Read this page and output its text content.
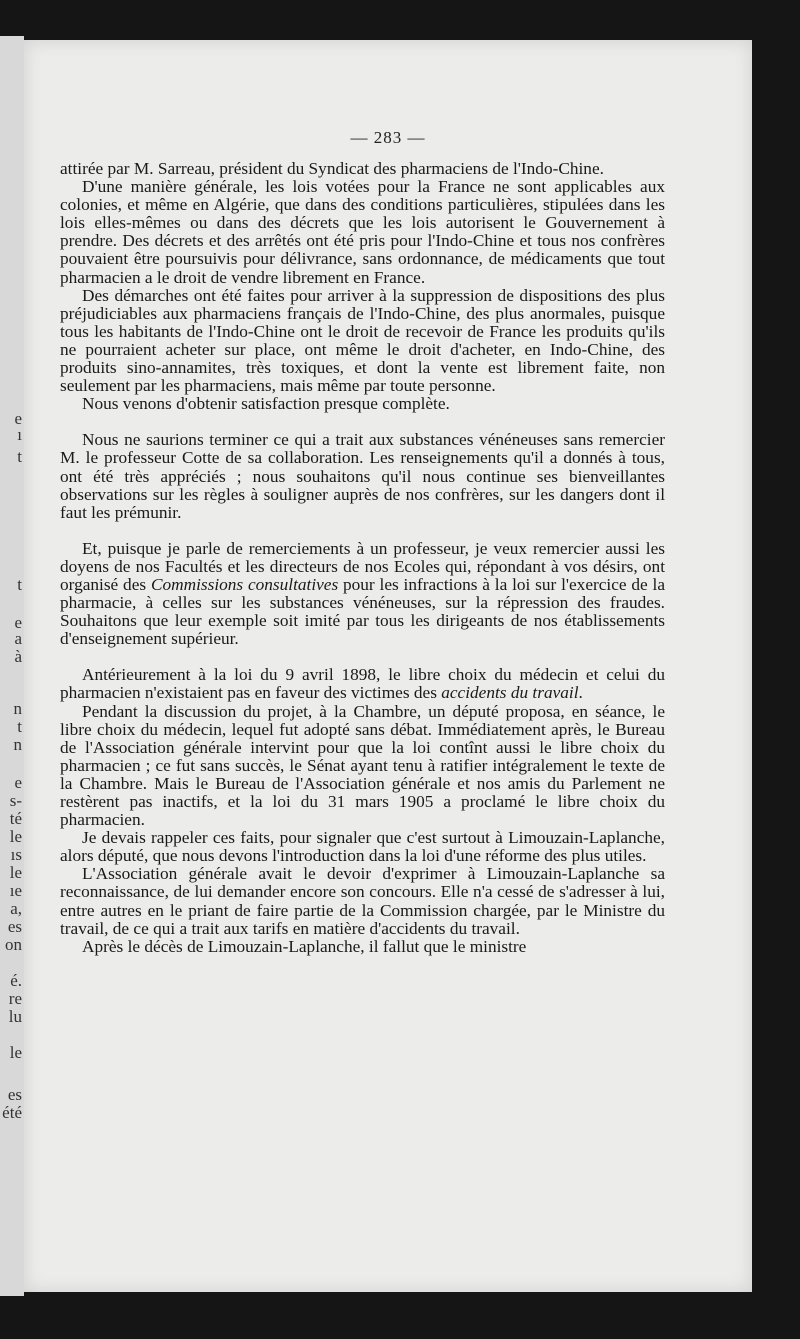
e
ı
t
t
e
a
à
n
t
n
e
s-
té
le
ıs
le
ıe
a,
es
on
é.
re
lu
le
es
été
— 283 —

attirée par M. Sarreau, président du Syndicat des pharmaciens de l'Indo-Chine.

D'une manière générale, les lois votées pour la France ne sont applicables aux colonies, et même en Algérie, que dans des conditions particulières, stipulées dans les lois elles-mêmes ou dans des décrets que les lois autorisent le Gouvernement à prendre. Des décrets et des arrêtés ont été pris pour l'Indo-Chine et tous nos confrères pouvaient être poursuivis pour délivrance, sans ordonnance, de médicaments que tout pharmacien a le droit de vendre librement en France.

Des démarches ont été faites pour arriver à la suppression de dispositions des plus préjudiciables aux pharmaciens français de l'Indo-Chine, des plus anormales, puisque tous les habitants de l'Indo-Chine ont le droit de recevoir de France les produits qu'ils ne pourraient acheter sur place, ont même le droit d'acheter, en Indo-Chine, des produits sino-annamites, très toxiques, et dont la vente est librement faite, non seulement par les pharmaciens, mais même par toute personne.

Nous venons d'obtenir satisfaction presque complète.

Nous ne saurions terminer ce qui a trait aux substances vénéneuses sans remercier M. le professeur Cotte de sa collaboration. Les renseignements qu'il a donnés à tous, ont été très appréciés ; nous souhaitons qu'il nous continue ses bienveillantes observations sur les règles à souligner auprès de nos confrères, sur les dangers dont il faut les prémunir.

Et, puisque je parle de remerciements à un professeur, je veux remercier aussi les doyens de nos Facultés et les directeurs de nos Ecoles qui, répondant à vos désirs, ont organisé des Commissions consultatives pour les infractions à la loi sur l'exercice de la pharmacie, à celles sur les substances vénéneuses, sur la répression des fraudes. Souhaitons que leur exemple soit imité par tous les dirigeants de nos établissements d'enseignement supérieur.

Antérieurement à la loi du 9 avril 1898, le libre choix du médecin et celui du pharmacien n'existaient pas en faveur des victimes des accidents du travail.

Pendant la discussion du projet, à la Chambre, un député proposa, en séance, le libre choix du médecin, lequel fut adopté sans débat. Immédiatement après, le Bureau de l'Association générale intervint pour que la loi contînt aussi le libre choix du pharmacien ; ce fut sans succès, le Sénat ayant tenu à ratifier intégralement le texte de la Chambre. Mais le Bureau de l'Association générale et nos amis du Parlement ne restèrent pas inactifs, et la loi du 31 mars 1905 a proclamé le libre choix du pharmacien.

Je devais rappeler ces faits, pour signaler que c'est surtout à Limouzain-Laplanche, alors député, que nous devons l'introduction dans la loi d'une réforme des plus utiles.

L'Association générale avait le devoir d'exprimer à Limouzain-Laplanche sa reconnaissance, de lui demander encore son concours. Elle n'a cessé de s'adresser à lui, entre autres en le priant de faire partie de la Commission chargée, par le Ministre du travail, de ce qui a trait aux tarifs en matière d'accidents du travail.

Après le décès de Limouzain-Laplanche, il fallut que le ministre
